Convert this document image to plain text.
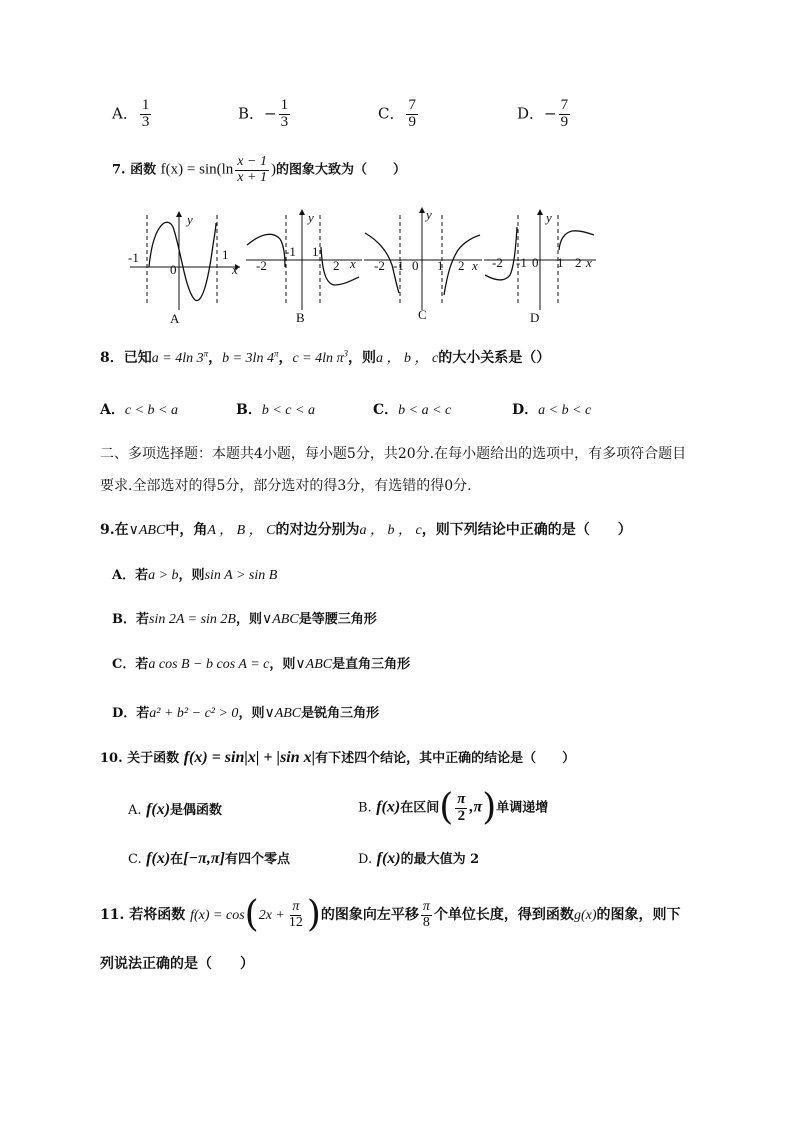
A． $\frac{1}{3}$	B．− $\frac{1}{3}$	C． $\frac{7}{9}$	D．− $\frac{7}{9}$
7. 函数 $f(x) = \sin(\ln \frac{x - 1}{x + 1}$ )的图象大致为（　　）
-1
0
1
x
y
A
-2
-1 1
2 x
y
B
-2 -1 0 1 2 x
y
C
-2 -1 0 1 2 x
y
D
8．已知a = 4ln $3^\pi$，b = 3ln $4^\pi$，c = 4ln $\pi^3$，则a ， b ， c的大小关系是（）
A．c < b < a	B．b < c < a	C．b < a < c	D．a < b < c
二、多项选择题：本题共4小题，每小题5分，共20分.在每小题给出的选项中，有多项符合题目
要求.全部选对的得5分，部分选对的得3分，有选错的得0分.
9.在∨ABC中，角A ， B ， C的对边分别为a ， b ， c，则下列结论中正确的是（　　）
A．若a > b，则sin A > sin B
B．若sin 2A = sin 2B，则∨ABC是等腰三角形
C．若a cos B − b cos A = c，则∨ABC是直角三角形
D．若a² + b² − c² > 0，则∨ABC是锐角三角形
10. 关于函数 f(x) = sin|x| + |sin x|有下述四个结论，其中正确的结论是（　　）
A. f(x)是偶函数	B. f(x)在区间( $\frac{\pi}{2} ,\pi$)单调递增
C. f(x)在[−π,π]有四个零点	D. f(x)的最大值为 2
11. 若将函数 $f(x) = \cos(2x + \frac{\pi}{12}$ )的图象向左平移 $\frac{\pi}{8}$ 个单位长度，得到函数g(x)的图象，则下
列说法正确的是（　　）
